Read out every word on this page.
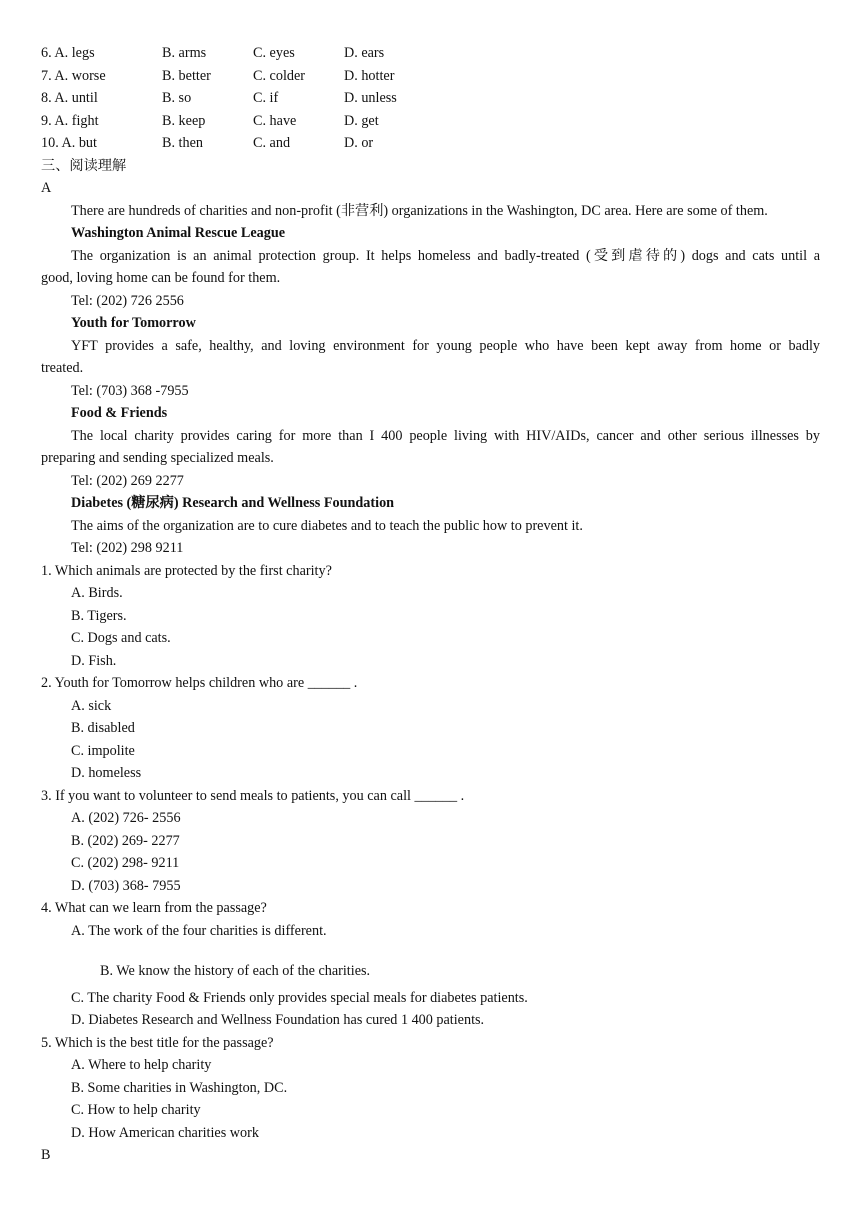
6. A. legs	B. arms	C. eyes	D. ears
7. A. worse	B. better	C. colder	D. hotter
8. A. until	B. so	C. if	D. unless
9. A. fight	B. keep	C. have	D. get
10. A. but	B. then	C. and	D. or
三、阅读理解
A
There are hundreds of charities and non-profit (非营利) organizations in the Washington, DC area. Here are some of them.
Washington Animal Rescue League
The organization is an animal protection group. It helps homeless and badly-treated (受到虐待的) dogs and cats until a
good, loving home can be found for them.
Tel: (202) 726 2556
Youth for Tomorrow
YFT provides a safe, healthy, and loving environment for young people who have been kept away from home or badly
treated.
Tel: (703) 368 -7955
Food & Friends
The local charity provides caring for more than I 400 people living with HIV/AIDs, cancer and other serious illnesses by
preparing and sending specialized meals.
Tel: (202) 269 2277
Diabetes (糖尿病) Research and Wellness Foundation
The aims of the organization are to cure diabetes and to teach the public how to prevent it.
Tel: (202) 298 9211
1. Which animals are protected by the first charity?
A. Birds.
B. Tigers.
C. Dogs and cats.
D. Fish.
2. Youth for Tomorrow helps children who are ______ .
A. sick
B. disabled
C. impolite
D. homeless
3. If you want to volunteer to send meals to patients, you can call ______ .
A. (202) 726- 2556
B. (202) 269- 2277
C. (202) 298- 9211
D. (703) 368- 7955
4. What can we learn from the passage?
A. The work of the four charities is different.
B. We know the history of each of the charities.
C. The charity Food & Friends only provides special meals for diabetes patients.
D. Diabetes Research and Wellness Foundation has cured 1 400 patients.
5. Which is the best title for the passage?
A. Where to help charity
B. Some charities in Washington, DC.
C. How to help charity
D. How American charities work
B
